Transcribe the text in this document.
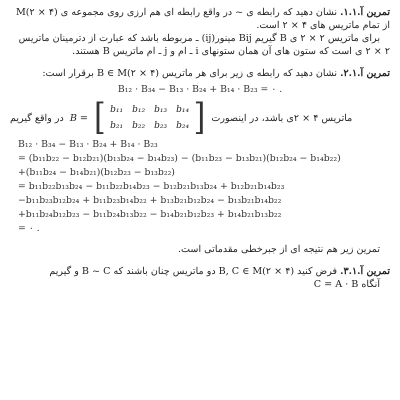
تمرین آ.۱.۱. نشان دهید که رابطه ی ~ در واقع رابطه ای هم ارزی روی مجموعه ی (۴ × ۲)M
از تمام ماتریس های ۴ × ۲ است.
برای ماتریس ۲ × ۲ ی B گیریم Bij مینور(ij) ـ مربوطه باشد که عبارت از دترمینان ماتریس
۲ × ۲ ی است که ستون های آن همان ستونهای i ـ ام و j ـ ام ماتریس B هستند.
تمرین آ.۲.۱. نشان دهید که رابطه ی زیر برای هر ماتریس (۴ × ۲)B ∈ M برقرار است:
B₁₂ · B₃₄ − B₁₃ · B₂₄ + B₁₄ · B₂₃ = ۰ .
در واقع گیریم B = [ b₁₁	b₁₂	b₁₃	b₁₄
b₂₁	b₂₂	b₂₃	b₂₄ ] ماتریس ۴ × ۲ی باشد، در اینصورت
B₁₂ · B₃₄ − B₁₃ · B₂₄ + B₁₄ · B₂₃
= (b₁₁b₂₂ − b₁₂b₂₁)(b₁₃b₂₄ − b₁₄b₂₃) − (b₁₁b₂₃ − b₁₃b₂₁)(b₁₂b₂₄ − b₁₄b₂₂)
+(b₁₁b₂₄ − b₁₄b₂₁)(b₁₂b₂₃ − b₁₃b₂₂)
= b₁₁b₂₂b₁₃b₂₄ − b₁₁b₂₂b₁₄b₂₃ − b₁₂b₂₁b₁₃b₂₄ + b₁₂b₂₁b₁₄b₂₃
−b₁₁b₂₃b₁₂b₂₄ + b₁₁b₂₃b₁₄b₂₂ + b₁₃b₂₁b₁₂b₂₄ − b₁₃b₂₁b₁₄b₂₂
+b₁₁b₂₄b₁₂b₂₃ − b₁₁b₂₄b₁₃b₂₂ − b₁₄b₂₁b₁₂b₂₃ + b₁₄b₂₁b₁₃b₂₂
= ۰ .
تمرین زیر هم نتیجه ای از جبرخطی مقدماتی است.
تمرین آ.۳.۱. فرض کنید (۴ × ۲)B, C ∈ M دو ماتریس چنان باشند که B ~ C و گیریم
آنگاه C = A · B
